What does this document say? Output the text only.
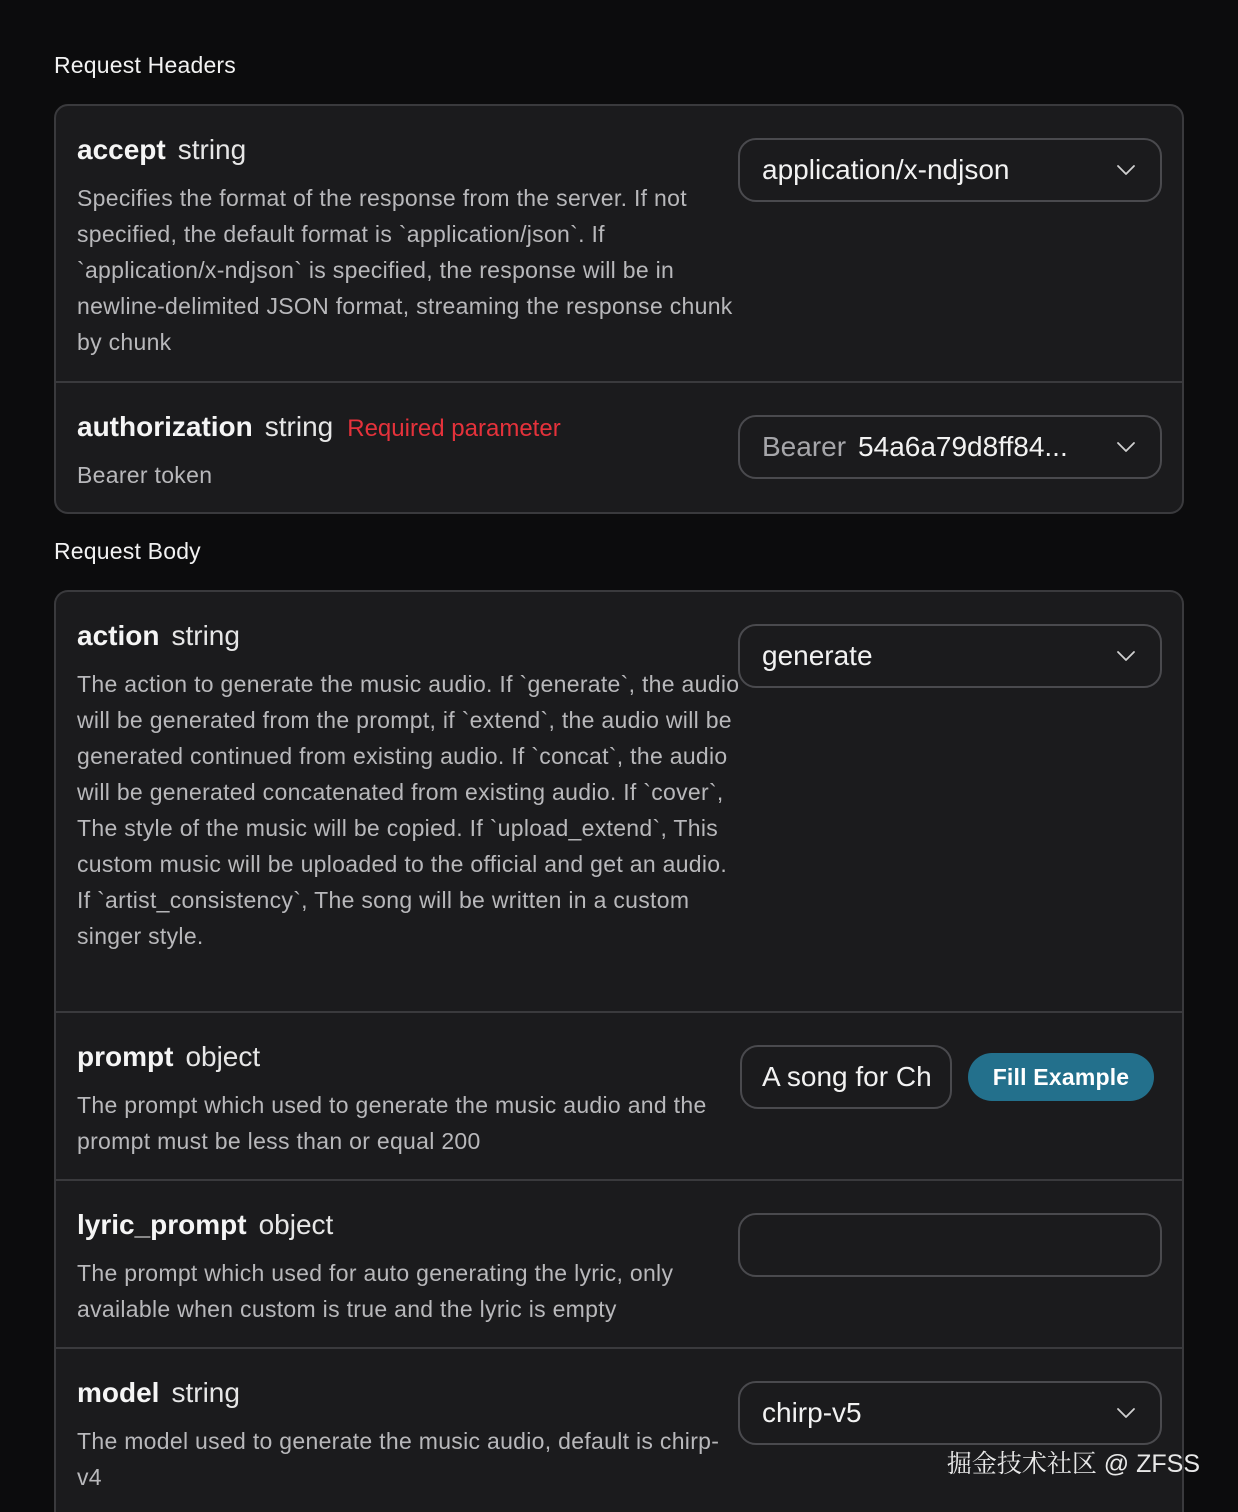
Request Headers
accept string
Specifies the format of the response from the server. If not specified, the default format is `application/json`. If `application/x-ndjson` is specified, the response will be in newline-delimited JSON format, streaming the response chunk by chunk
application/x-ndjson
authorization string Required parameter
Bearer token
Bearer 54a6a79d8ff84...
Request Body
action string
The action to generate the music audio. If `generate`, the audio will be generated from the prompt, if `extend`, the audio will be generated continued from existing audio. If `concat`, the audio will be generated concatenated from existing audio. If `cover`, The style of the music will be copied. If `upload_extend`, This custom music will be uploaded to the official and get an audio. If `artist_consistency`, The song will be written in a custom singer style.
generate
prompt object
The prompt which used to generate the music audio and the prompt must be less than or equal 200
A song for Ch	Fill Example
lyric_prompt object
The prompt which used for auto generating the lyric, only available when custom is true and the lyric is empty
model string
The model used to generate the music audio, default is chirp-v4
chirp-v5
掘金技术社区 @ ZFSS
